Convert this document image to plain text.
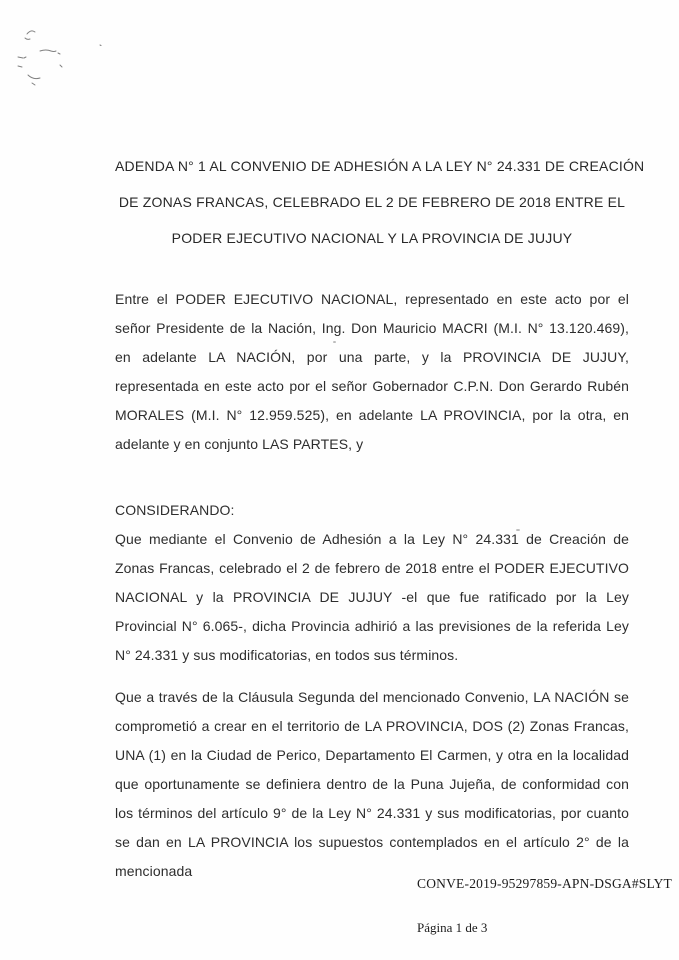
ADENDA N° 1 AL CONVENIO DE ADHESIÓN A LA LEY N° 24.331 DE CREACIÓN
DE ZONAS FRANCAS, CELEBRADO EL 2 DE FEBRERO DE 2018 ENTRE EL
PODER EJECUTIVO NACIONAL Y LA PROVINCIA DE JUJUY

Entre el PODER EJECUTIVO NACIONAL, representado en este acto por el señor Presidente de la Nación, Ing. Don Mauricio MACRI (M.I. N° 13.120.469), en adelante LA NACIÓN, por una parte, y la PROVINCIA DE JUJUY, representada en este acto por el señor Gobernador C.P.N. Don Gerardo Rubén MORALES (M.I. N° 12.959.525), en adelante LA PROVINCIA, por la otra, en adelante y en conjunto LAS PARTES, y

CONSIDERANDO:

Que mediante el Convenio de Adhesión a la Ley N° 24.331 de Creación de Zonas Francas, celebrado el 2 de febrero de 2018 entre el PODER EJECUTIVO NACIONAL y la PROVINCIA DE JUJUY -el que fue ratificado por la Ley Provincial N° 6.065-, dicha Provincia adhirió a las previsiones de la referida Ley N° 24.331 y sus modificatorias, en todos sus términos.

Que a través de la Cláusula Segunda del mencionado Convenio, LA NACIÓN se comprometió a crear en el territorio de LA PROVINCIA, DOS (2) Zonas Francas, UNA (1) en la Ciudad de Perico, Departamento El Carmen, y otra en la localidad que oportunamente se definiera dentro de la Puna Jujeña, de conformidad con los términos del artículo 9° de la Ley N° 24.331 y sus modificatorias, por cuanto se dan en LA PROVINCIA los supuestos contemplados en el artículo 2° de la mencionada

CONVE-2019-95297859-APN-DSGA#SLYT
Página 1 de 3
